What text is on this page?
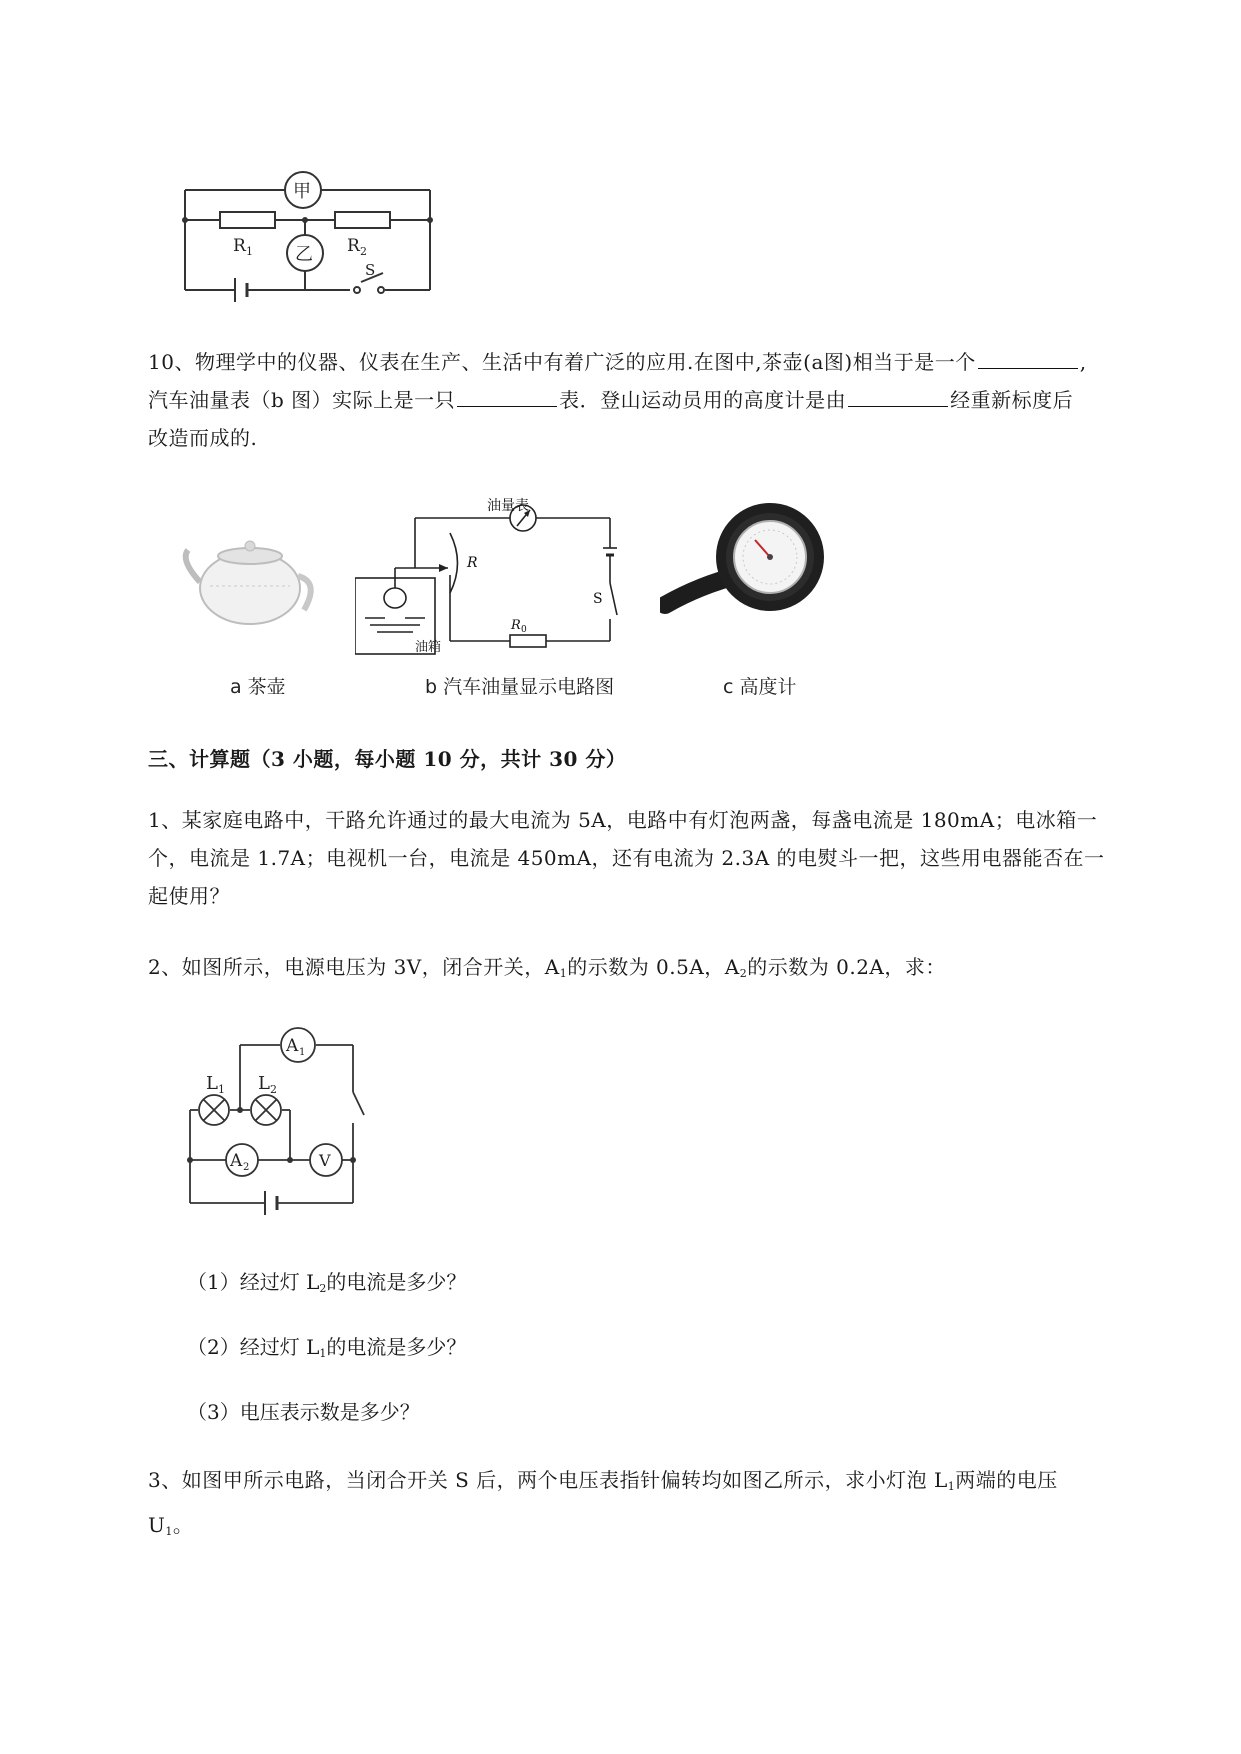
甲
乙
R 1	R 2
S
10、物理学中的仪器、仪表在生产、生活中有着广泛的应用.在图中,茶壶(a图)相当于是一个	,
汽车油量表（b 图）实际上是一只	表．登山运动员用的高度计是由	经重新标度后
改造而成的.
油量表
R
R 0
S
油箱
a 茶壶	b 汽车油量显示电路图	c 高度计
三、计算题（3 小题，每小题 10 分，共计 30 分）
1、某家庭电路中，干路允许通过的最大电流为 5A，电路中有灯泡两盏，每盏电流是 180mA；电冰箱一
个，电流是 1.7A；电视机一台，电流是 450mA，还有电流为 2.3A 的电熨斗一把，这些用电器能否在一
起使用？
2、如图所示，电源电压为 3V，闭合开关，$A_1$的示数为 0.5A，$A_2$的示数为 0.2A，求：
A 1
A 2	V
L 1 L 2
（1）经过灯 $L_2$的电流是多少？
（2）经过灯 $L_1$的电流是多少？
（3）电压表示数是多少？
3、如图甲所示电路，当闭合开关 S 后，两个电压表指针偏转均如图乙所示，求小灯泡 $L_1$两端的电压
$U_1$。
